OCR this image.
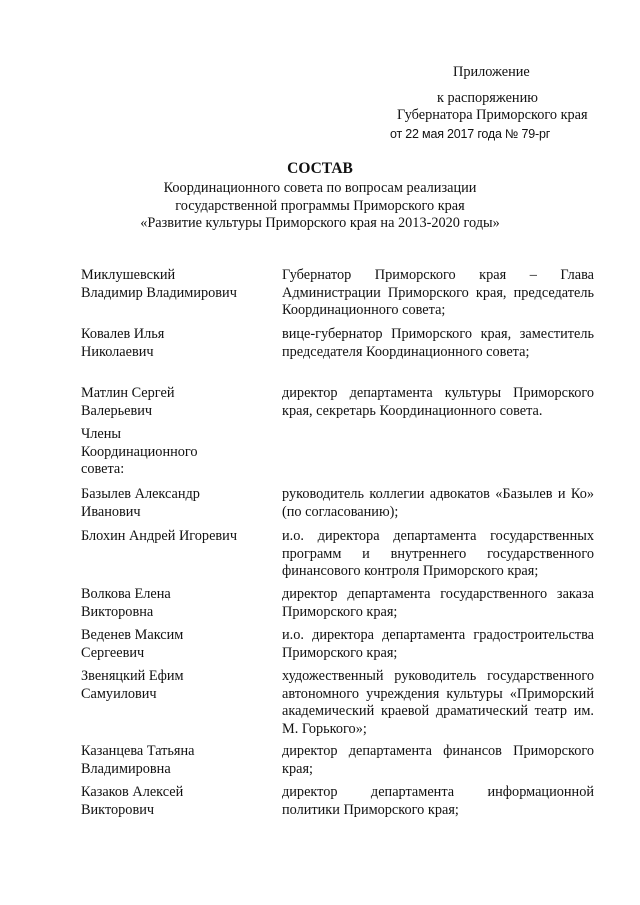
Приложение
к распоряжению
Губернатора Приморского края
от 22 мая 2017 года № 79-рг
СОСТАВ
Координационного совета по вопросам реализации
государственной программы Приморского края
«Развитие культуры Приморского края на 2013-2020 годы»
Миклушевский
Владимир Владимирович
Губернатор Приморского края – Глава Администрации Приморского края, председатель Координационного совета;
Ковалев Илья
Николаевич
вице-губернатор Приморского края, заместитель председателя Координационного совета;
Матлин Сергей
Валерьевич
директор департамента культуры Приморского края, секретарь Координационного совета.
Члены
Координационного
совета:
Базылев Александр
Иванович
руководитель коллегии адвокатов «Базылев и Ко» (по согласованию);
Блохин Андрей Игоревич	и.о. директора департамента государственных программ и внутреннего государственного финансового контроля Приморского края;
Волкова Елена
Викторовна
директор департамента государственного заказа Приморского края;
Веденев Максим
Сергеевич
и.о. директора департамента градостроительства Приморского края;
Звеняцкий Ефим
Самуилович
художественный руководитель государственного автономного учреждения культуры «Приморский академический краевой драматический театр им. М. Горького»;
Казанцева Татьяна
Владимировна
директор департамента финансов Приморского края;
Казаков Алексей
Викторович
директор департамента информационной политики Приморского края;
